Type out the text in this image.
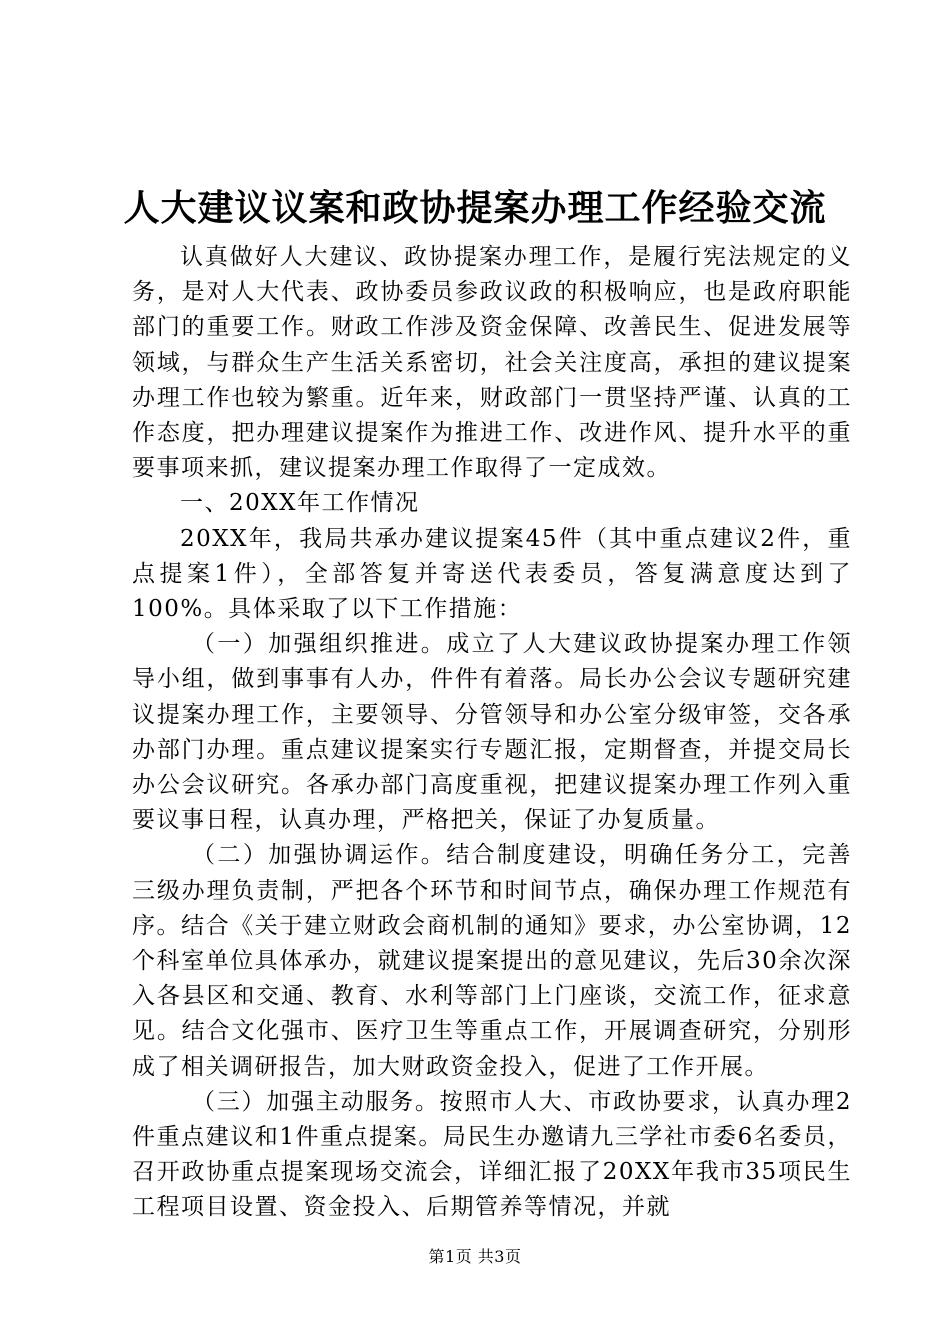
人大建议议案和政协提案办理工作经验交流

认真做好人大建议、政协提案办理工作，是履行宪法规定的义务，是对人大代表、政协委员参政议政的积极响应，也是政府职能部门的重要工作。财政工作涉及资金保障、改善民生、促进发展等领域，与群众生产生活关系密切，社会关注度高，承担的建议提案办理工作也较为繁重。近年来，财政部门一贯坚持严谨、认真的工作态度，把办理建议提案作为推进工作、改进作风、提升水平的重要事项来抓，建议提案办理工作取得了一定成效。

一、20XX年工作情况

20XX年，我局共承办建议提案45件（其中重点建议2件，重点提案1件），全部答复并寄送代表委员，答复满意度达到了100%。具体采取了以下工作措施：

（一）加强组织推进。成立了人大建议政协提案办理工作领导小组，做到事事有人办，件件有着落。局长办公会议专题研究建议提案办理工作，主要领导、分管领导和办公室分级审签，交各承办部门办理。重点建议提案实行专题汇报，定期督查，并提交局长办公会议研究。各承办部门高度重视，把建议提案办理工作列入重要议事日程，认真办理，严格把关，保证了办复质量。

（二）加强协调运作。结合制度建设，明确任务分工，完善三级办理负责制，严把各个环节和时间节点，确保办理工作规范有序。结合《关于建立财政会商机制的通知》要求，办公室协调，12个科室单位具体承办，就建议提案提出的意见建议，先后30余次深入各县区和交通、教育、水利等部门上门座谈，交流工作，征求意见。结合文化强市、医疗卫生等重点工作，开展调查研究，分别形成了相关调研报告，加大财政资金投入，促进了工作开展。

（三）加强主动服务。按照市人大、市政协要求，认真办理2件重点建议和1件重点提案。局民生办邀请九三学社市委6名委员，召开政协重点提案现场交流会，详细汇报了20XX年我市35项民生工程项目设置、资金投入、后期管养等情况，并就

第1页 共3页
